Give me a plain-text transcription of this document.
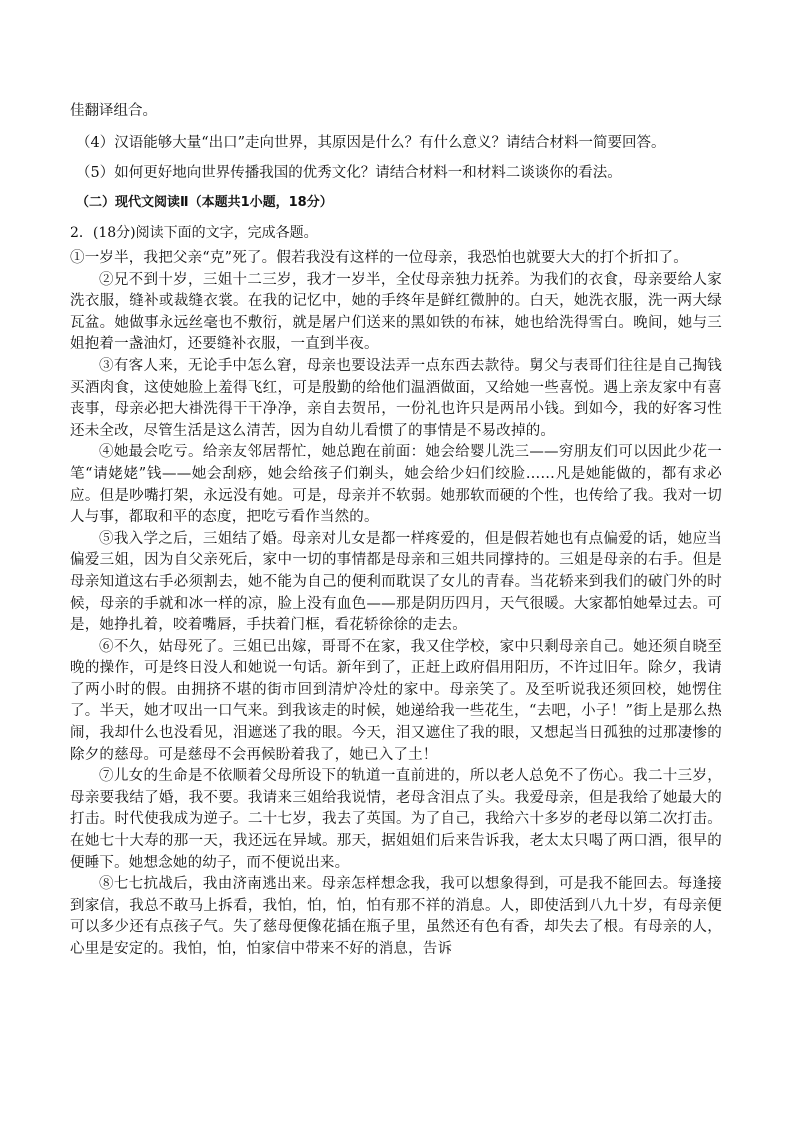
佳翻译组合。

（4）汉语能够大量“出口”走向世界，其原因是什么？有什么意义？请结合材料一简要回答。

（5）如何更好地向世界传播我国的优秀文化？请结合材料一和材料二谈谈你的看法。

（二）现代文阅读Ⅱ（本题共1小题，18分）

2．(18分)阅读下面的文字，完成各题。

①一岁半，我把父亲“克”死了。假若我没有这样的一位母亲，我恐怕也就要大大的打个折扣了。

②兄不到十岁，三姐十二三岁，我才一岁半，全仗母亲独力抚养。为我们的衣食，母亲要给人家洗衣服，缝补或裁缝衣裳。在我的记忆中，她的手终年是鲜红微肿的。白天，她洗衣服，洗一两大绿瓦盆。她做事永远丝毫也不敷衍，就是屠户们送来的黑如铁的布袜，她也给洗得雪白。晚间，她与三姐抱着一盏油灯，还要缝补衣服，一直到半夜。

③有客人来，无论手中怎么窘，母亲也要设法弄一点东西去款待。舅父与表哥们往往是自己掏钱买酒肉食，这使她脸上羞得飞红，可是殷勤的给他们温酒做面，又给她一些喜悦。遇上亲友家中有喜丧事，母亲必把大褂洗得干干净净，亲自去贺吊，一份礼也许只是两吊小钱。到如今，我的好客习性还未全改，尽管生活是这么清苦，因为自幼儿看惯了的事情是不易改掉的。

④她最会吃亏。给亲友邻居帮忙，她总跑在前面：她会给婴儿洗三——穷朋友们可以因此少花一笔“请姥姥”钱——她会刮痧，她会给孩子们剃头，她会给少妇们绞脸……凡是她能做的，都有求必应。但是吵嘴打架，永远没有她。可是，母亲并不软弱。她那软而硬的个性，也传给了我。我对一切人与事，都取和平的态度，把吃亏看作当然的。

⑤我入学之后，三姐结了婚。母亲对儿女是都一样疼爱的，但是假若她也有点偏爱的话，她应当偏爱三姐，因为自父亲死后，家中一切的事情都是母亲和三姐共同撑持的。三姐是母亲的右手。但是母亲知道这右手必须割去，她不能为自己的便利而耽误了女儿的青春。当花轿来到我们的破门外的时候，母亲的手就和冰一样的凉，脸上没有血色——那是阴历四月，天气很暖。大家都怕她晕过去。可是，她挣扎着，咬着嘴唇，手扶着门框，看花轿徐徐的走去。

⑥不久，姑母死了。三姐已出嫁，哥哥不在家，我又住学校，家中只剩母亲自己。她还须自晓至晚的操作，可是终日没人和她说一句话。新年到了，正赶上政府倡用阳历，不许过旧年。除夕，我请了两小时的假。由拥挤不堪的街市回到清炉冷灶的家中。母亲笑了。及至听说我还须回校，她愣住了。半天，她才叹出一口气来。到我该走的时候，她递给我一些花生，“去吧，小子！”街上是那么热闹，我却什么也没看见，泪遮迷了我的眼。今天，泪又遮住了我的眼，又想起当日孤独的过那凄惨的除夕的慈母。可是慈母不会再候盼着我了，她已入了土！

⑦儿女的生命是不依顺着父母所设下的轨道一直前进的，所以老人总免不了伤心。我二十三岁，母亲要我结了婚，我不要。我请来三姐给我说情，老母含泪点了头。我爱母亲，但是我给了她最大的打击。时代使我成为逆子。二十七岁，我去了英国。为了自己，我给六十多岁的老母以第二次打击。在她七十大寿的那一天，我还远在异域。那天，据姐姐们后来告诉我，老太太只喝了两口酒，很早的便睡下。她想念她的幼子，而不便说出来。

⑧七七抗战后，我由济南逃出来。母亲怎样想念我，我可以想象得到，可是我不能回去。每逢接到家信，我总不敢马上拆看，我怕，怕，怕，怕有那不祥的消息。人，即使活到八九十岁，有母亲便可以多少还有点孩子气。失了慈母便像花插在瓶子里，虽然还有色有香，却失去了根。有母亲的人，心里是安定的。我怕，怕，怕家信中带来不好的消息，告诉
